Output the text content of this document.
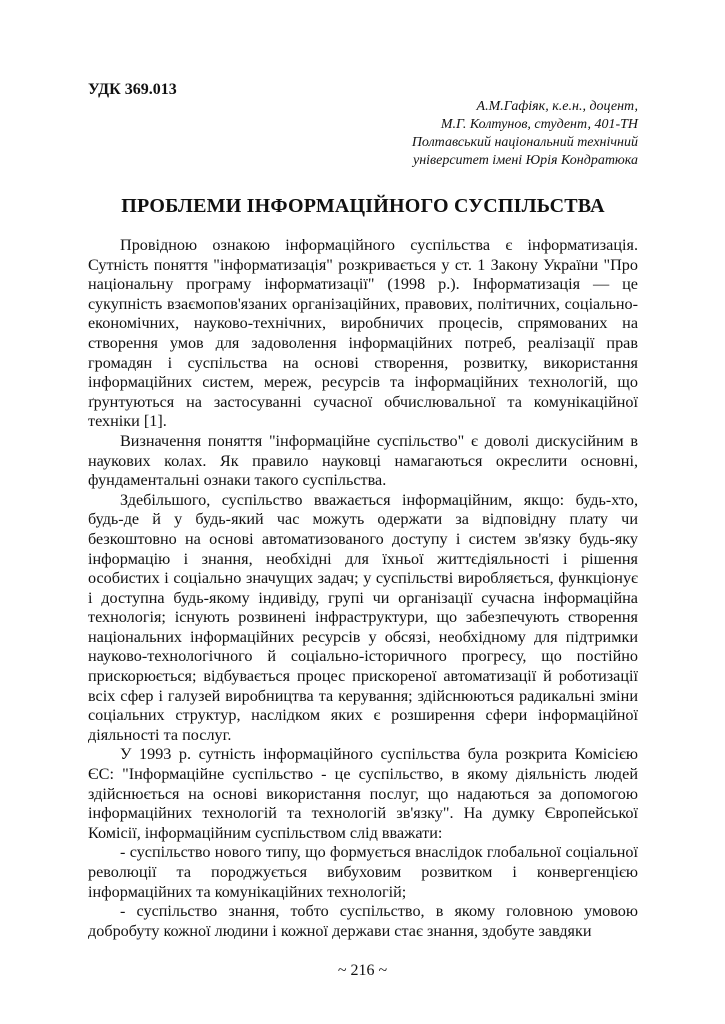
УДК 369.013

А.М.Гафіяк, к.е.н., доцент,
М.Г. Колтунов, студент, 401-ТН
Полтавський національний технічний
університет імені Юрія Кондратюка
ПРОБЛЕМИ ІНФОРМАЦІЙНОГО СУСПІЛЬСТВА

Провідною ознакою інформаційного суспільства є інформатизація. Сутність поняття "інформатизація" розкривається у ст. 1 Закону України "Про національну програму інформатизації" (1998 р.). Інформатизація — це сукупність взаємопов'язаних організаційних, правових, політичних, соціально-економічних, науково-технічних, виробничих процесів, спрямованих на створення умов для задоволення інформаційних потреб, реалізації прав громадян і суспільства на основі створення, розвитку, використання інформаційних систем, мереж, ресурсів та інформаційних технологій, що ґрунтуються на застосуванні сучасної обчислювальної та комунікаційної техніки [1].

Визначення поняття "інформаційне суспільство" є доволі дискусійним в наукових колах. Як правило науковці намагаються окреслити основні, фундаментальні ознаки такого суспільства.

Здебільшого, суспільство вважається інформаційним, якщо: будь-хто, будь-де й у будь-який час можуть одержати за відповідну плату чи безкоштовно на основі автоматизованого доступу і систем зв'язку будь-яку інформацію і знання, необхідні для їхньої життєдіяльності і рішення особистих і соціально значущих задач; у суспільстві виробляється, функціонує і доступна будь-якому індивіду, групі чи організації сучасна інформаційна технологія; існують розвинені інфраструктури, що забезпечують створення національних інформаційних ресурсів у обсязі, необхідному для підтримки науково-технологічного й соціально-історичного прогресу, що постійно прискорюється; відбувається процес прискореної автоматизації й роботизації всіх сфер і галузей виробництва та керування; здійснюються радикальні зміни соціальних структур, наслідком яких є розширення сфери інформаційної діяльності та послуг.

У 1993 р. сутність інформаційного суспільства була розкрита Комісією ЄС: "Інформаційне суспільство - це суспільство, в якому діяльність людей здійснюється на основі використання послуг, що надаються за допомогою інформаційних технологій та технологій зв'язку". На думку Європейської Комісії, інформаційним суспільством слід вважати:

- суспільство нового типу, що формується внаслідок глобальної соціальної революції та породжується вибуховим розвитком і конвергенцією інформаційних та комунікаційних технологій;

- суспільство знання, тобто суспільство, в якому головною умовою добробуту кожної людини і кожної держави стає знання, здобуте завдяки

~ 216 ~
